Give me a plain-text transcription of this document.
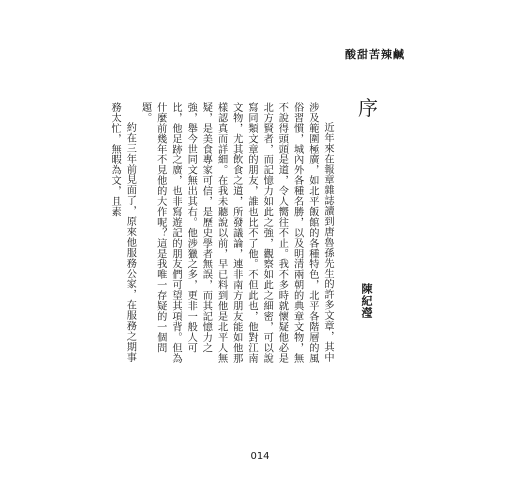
酸甜苦辣鹹
序

近年來在報章雜誌讀到唐魯孫先生的許多文章，其中涉及範圍極廣，如北平飯館的各種特色，北平各階層的風俗習慣，城內外各種名勝，以及明清兩朝的典章文物，無不說得頭頭是道，令人嚮往不止。我不多時就懷疑他必是北方賢者，而記憶力如此之強，觀察如此之細密，可以說寫同類文章的朋友，誰也比不了他。不但此也，他對江南文物，尤其飲食之道，所發議論，連非南方朋友能如他那樣認真而詳細。在我未聽說以前，早已料到他是北平人無疑，是美食專家可信，是歷史學者無誤，而其記憶力之強，舉今世同文無出其右。他涉獵之多，更非一般人可比，他足跡之廣，也非寫遊記的朋友們可望其項背。但為什麼前幾年不見他的大作呢？這是我唯一存疑的一個問題。

約在三年前見面了，原來他服務公家，在服務之期事務太忙，無暇為文，且素

陳紀瀅
014
